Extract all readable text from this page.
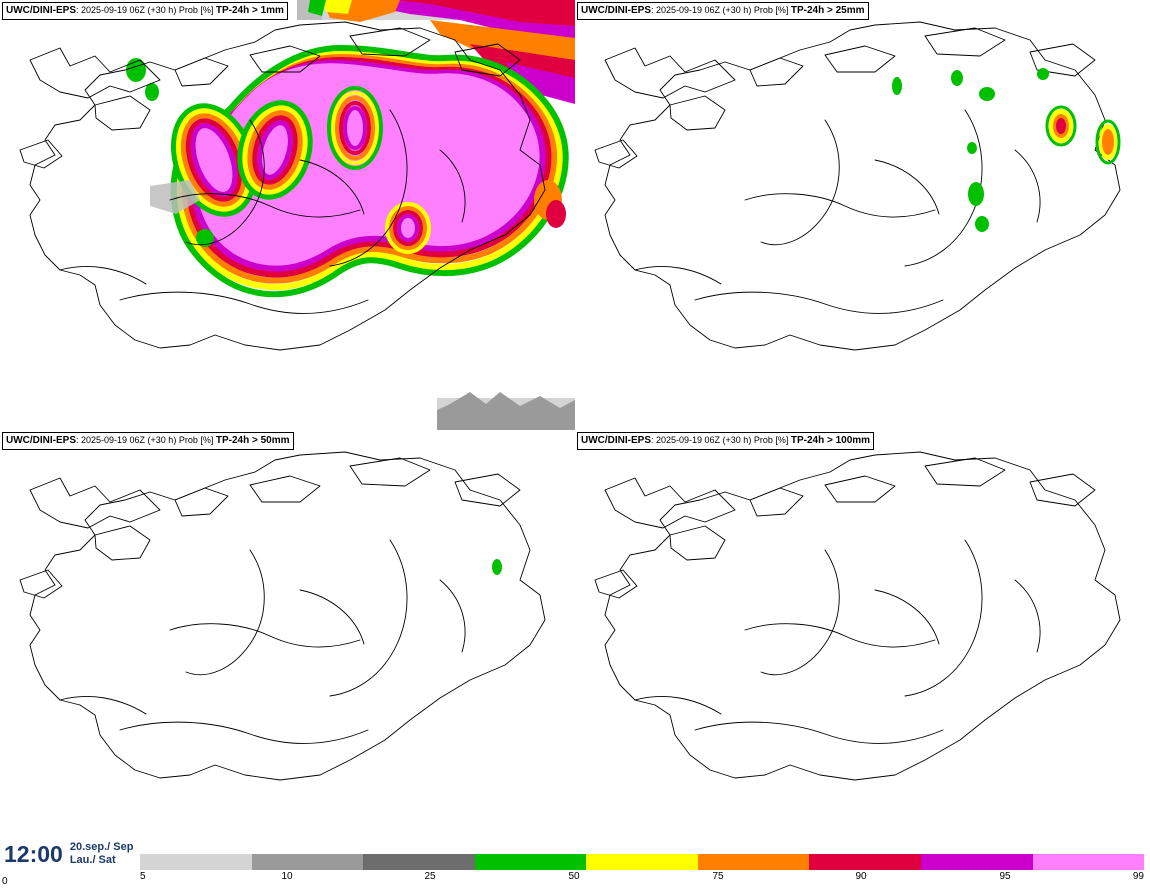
UWC/DINI-EPS: 2025-09-19 06Z (+30 h) Prob [%] TP-24h > 1mm	UWC/DINI-EPS: 2025-09-19 06Z (+30 h) Prob [%] TP-24h > 25mm
UWC/DINI-EPS: 2025-09-19 06Z (+30 h) Prob [%] TP-24h > 50mm	UWC/DINI-EPS: 2025-09-19 06Z (+30 h) Prob [%] TP-24h > 100mm
12:00 20.sep./ Sep
Lau./ Sat
0	5	10	25	50	75	90	95	99
